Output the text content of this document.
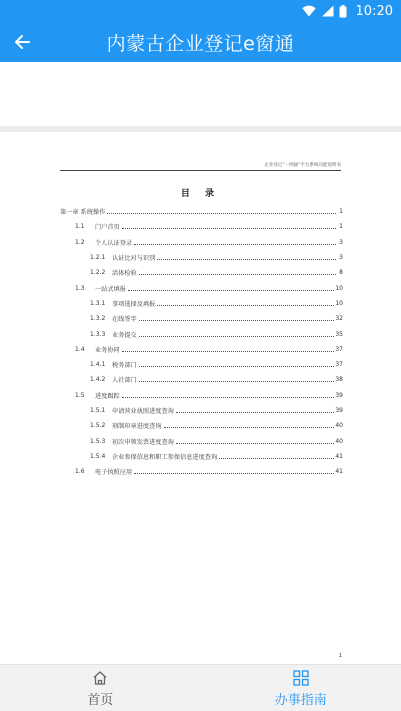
10:20
内蒙古企业登记e窗通
企业登记“一网通”平台系统功能说明书
目 录
第一章 系统操作	1
1.1	门户首页	1
1.2	个人认证登录	3
1.2.1	认证比对与识别	3
1.2.2	活体检验	8
1.3	一站式填报	10
1.3.1	事项选择及填报	10
1.3.2	在线签字	32
1.3.3	业务提交	35
1.4	业务协同	37
1.4.1	税务部门	37
1.4.2	人社部门	38
1.5	进度跟踪	39
1.5.1	申请营业执照进度查询	39
1.5.2	刻制印章进度查询	40
1.5.3	初次申领发票进度查询	40
1.5.4	企业参保信息和职工参保信息进度查询	41
1.6	电子执照应用	41
1
首页	办事指南
